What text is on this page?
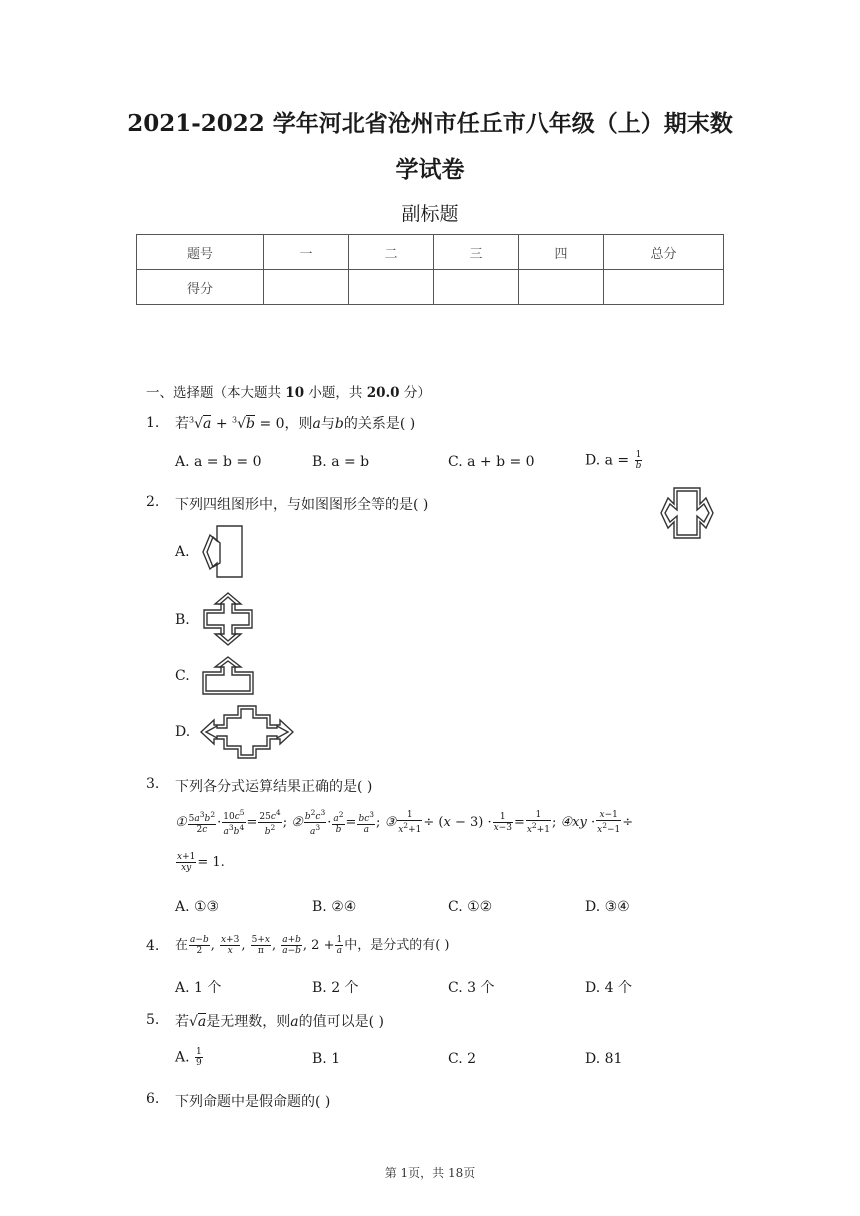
2021-2022 学年河北省沧州市任丘市八年级（上）期末数
学试卷
副标题
题号	一	二	三	四	总分
得分					
一、选择题（本大题共 10 小题，共 20.0 分）
1. 若$^3$√a + $^3$√b = 0，则a与b的关系是( )
A. a = b = 0	B. a = b	C. a + b = 0	D. $a = \frac{1}{b}$
2. 下列四组图形中，与如图图形全等的是( )
A.
B.
C.
D.
3. 下列各分式运算结果正确的是( )
① $\frac{5a^3b^2}{2c} \cdot \frac{10c^5}{a^3b^4} = \frac{25c^4}{b^2}$ ; ② $\frac{b^2c^3}{a^3} \cdot \frac{a^2}{b} = \frac{bc^3}{a}$ ; ③ $\frac{1}{x^2+1} \div (x - 3) \cdot \frac{1}{x-3} = \frac{1}{x^2+1}$ ; ④xy · $\frac{x-1}{x^2-1}$ ÷
$\frac{x+1}{xy} = 1$.
A. ①③	B. ②④	C. ①②	D. ③④
4. 在 $\frac{a-b}{2}$ , $\frac{x+3}{x}$ , $\frac{5+x}{\pi}$ , $\frac{a+b}{a-b}$ , $2 + \frac{1}{a}$ 中，是分式的有( )
A. 1 个	B. 2 个	C. 3 个	D. 4 个
5. 若√a是无理数，则a的值可以是( )
A. $\frac{1}{9}$	B. 1	C. 2	D. 81
6. 下列命题中是假命题的( )
第 1页，共 18页
